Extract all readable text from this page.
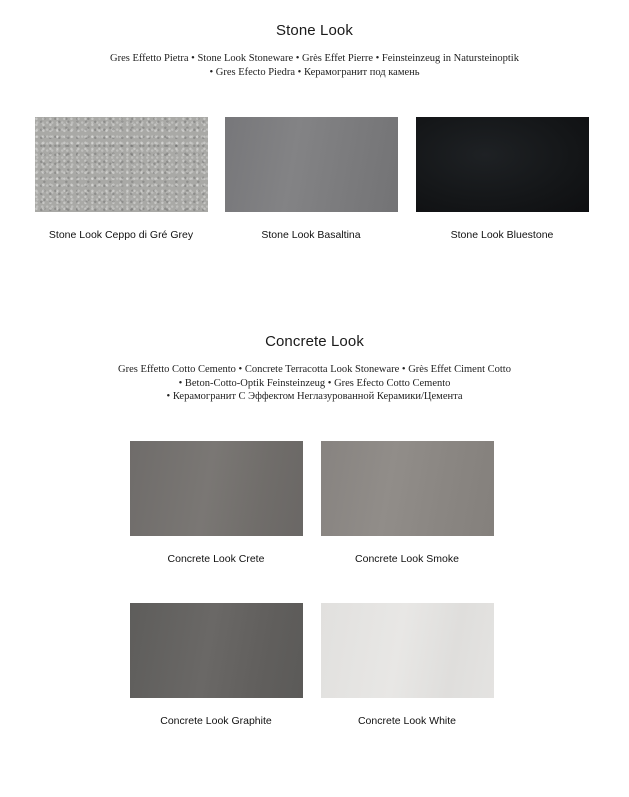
Stone Look
Gres Effetto Pietra • Stone Look Stoneware • Grès Effet Pierre • Feinsteinzeug in Natursteinoptik
• Gres Efecto Piedra • Керамогранит под камень
Stone Look Ceppo di Gré Grey	Stone Look Basaltina	Stone Look Bluestone
Concrete Look
Gres Effetto Cotto Cemento • Concrete Terracotta Look Stoneware • Grès Effet Ciment Cotto
• Beton-Cotto-Optik Feinsteinzeug • Gres Efecto Cotto Cemento
• Керамогранит С Эффектом Неглазурованной Керамики/Цемента
Concrete Look Crete	Concrete Look Smoke
Concrete Look Graphite	Concrete Look White
